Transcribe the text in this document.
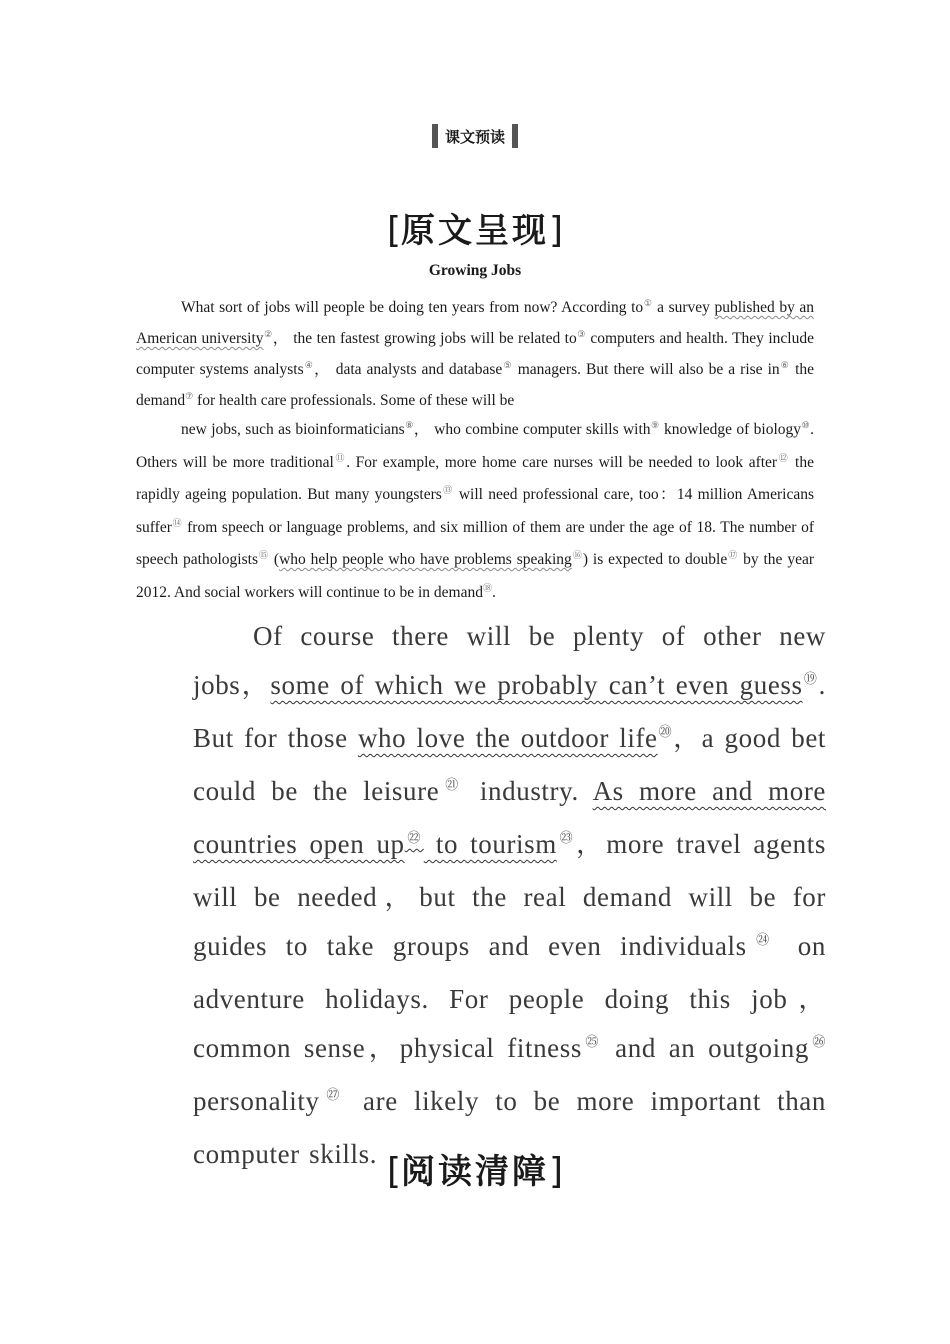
课文预读
[原文呈现]
Growing Jobs
What sort of jobs will people be doing ten years from now? According to① a survey published by an American university②， the ten fastest growing jobs will be related to③ computers and health. They include computer systems analysts④， data analysts and database⑤ managers. But there will also be a rise in⑥ the demand⑦ for health care professionals. Some of these will be
new jobs, such as bioinformaticians⑧， who combine computer skills with⑨ knowledge of biology⑩. Others will be more traditional⑪. For example, more home care nurses will be needed to look after⑫ the rapidly ageing population. But many youngsters⑬ will need professional care, too：14 million Americans suffer⑭ from speech or language problems, and six million of them are under the age of 18. The number of speech pathologists⑮ (who help people who have problems speaking⑯) is expected to double⑰ by the year 2012. And social workers will continue to be in demand⑱.
Of course there will be plenty of other new jobs，some of which we probably can’t even guess⑲. But for those who love the outdoor life⑳，a good bet could be the leisure$^㉑$ industry. As more and more countries open $up^㉒$ to tourism$^㉓$，more travel agents will be needed，but the real demand will be for guides to take groups and even individuals$^㉔$ on adventure holidays. For people doing this job，common sense，physical fitness$^㉕$ and an outgoing$^㉖$ personality$^㉗$ are likely to be more important than computer skills. [阅读清障]
